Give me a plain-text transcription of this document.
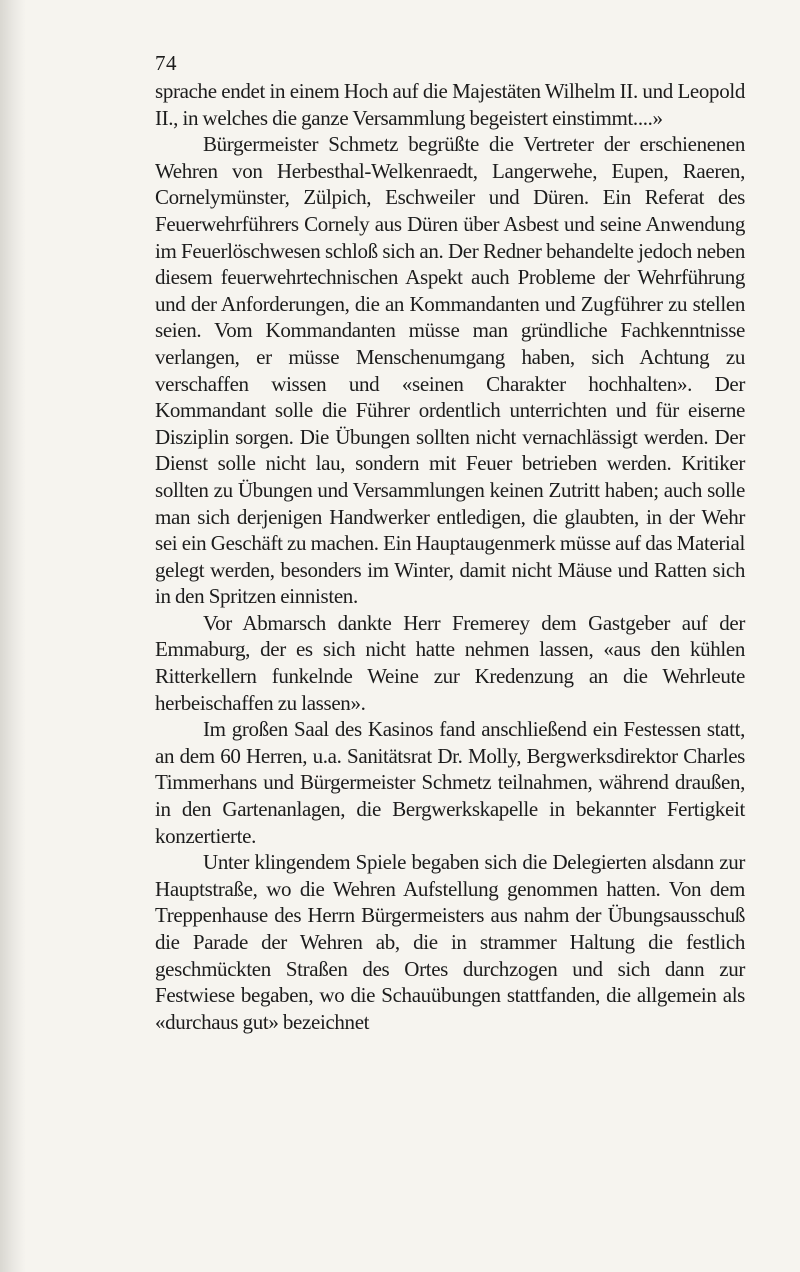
74

sprache endet in einem Hoch auf die Majestäten Wilhelm II. und Leopold II., in welches die ganze Versammlung begeistert einstimmt....»

Bürgermeister Schmetz begrüßte die Vertreter der erschienenen Wehren von Herbesthal-Welkenraedt, Langerwehe, Eupen, Raeren, Cornelymünster, Zülpich, Eschweiler und Düren. Ein Referat des Feuerwehrführers Cornely aus Düren über Asbest und seine Anwendung im Feuerlöschwesen schloß sich an. Der Redner behandelte jedoch neben diesem feuerwehrtechnischen Aspekt auch Probleme der Wehrführung und der Anforderungen, die an Kommandanten und Zugführer zu stellen seien. Vom Kommandanten müsse man gründliche Fachkenntnisse verlangen, er müsse Menschenumgang haben, sich Achtung zu verschaffen wissen und «seinen Charakter hochhalten». Der Kommandant solle die Führer ordentlich unterrichten und für eiserne Disziplin sorgen. Die Übungen sollten nicht vernachlässigt werden. Der Dienst solle nicht lau, sondern mit Feuer betrieben werden. Kritiker sollten zu Übungen und Versammlungen keinen Zutritt haben; auch solle man sich derjenigen Handwerker entledigen, die glaubten, in der Wehr sei ein Geschäft zu machen. Ein Hauptaugenmerk müsse auf das Material gelegt werden, besonders im Winter, damit nicht Mäuse und Ratten sich in den Spritzen einnisten.

Vor Abmarsch dankte Herr Fremerey dem Gastgeber auf der Emmaburg, der es sich nicht hatte nehmen lassen, «aus den kühlen Ritterkellern funkelnde Weine zur Kredenzung an die Wehrleute herbeischaffen zu lassen».

Im großen Saal des Kasinos fand anschließend ein Festessen statt, an dem 60 Herren, u.a. Sanitätsrat Dr. Molly, Bergwerksdirektor Charles Timmerhans und Bürgermeister Schmetz teilnahmen, während draußen, in den Gartenanlagen, die Bergwerkskapelle in bekannter Fertigkeit konzertierte.

Unter klingendem Spiele begaben sich die Delegierten alsdann zur Hauptstraße, wo die Wehren Aufstellung genommen hatten. Von dem Treppenhause des Herrn Bürgermeisters aus nahm der Übungsausschuß die Parade der Wehren ab, die in strammer Haltung die festlich geschmückten Straßen des Ortes durchzogen und sich dann zur Festwiese begaben, wo die Schauübungen stattfanden, die allgemein als «durchaus gut» bezeichnet
